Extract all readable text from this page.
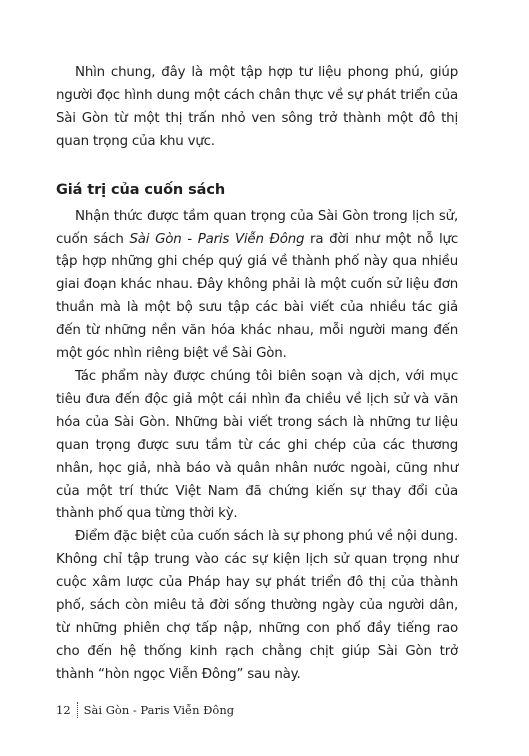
Nhìn chung, đây là một tập hợp tư liệu phong phú, giúp người đọc hình dung một cách chân thực về sự phát triển của Sài Gòn từ một thị trấn nhỏ ven sông trở thành một đô thị quan trọng của khu vực.

Giá trị của cuốn sách

Nhận thức được tầm quan trọng của Sài Gòn trong lịch sử, cuốn sách Sài Gòn - Paris Viễn Đông ra đời như một nỗ lực tập hợp những ghi chép quý giá về thành phố này qua nhiều giai đoạn khác nhau. Đây không phải là một cuốn sử liệu đơn thuần mà là một bộ sưu tập các bài viết của nhiều tác giả đến từ những nền văn hóa khác nhau, mỗi người mang đến một góc nhìn riêng biệt về Sài Gòn.

Tác phẩm này được chúng tôi biên soạn và dịch, với mục tiêu đưa đến độc giả một cái nhìn đa chiều về lịch sử và văn hóa của Sài Gòn. Những bài viết trong sách là những tư liệu quan trọng được sưu tầm từ các ghi chép của các thương nhân, học giả, nhà báo và quân nhân nước ngoài, cũng như của một trí thức Việt Nam đã chứng kiến sự thay đổi của thành phố qua từng thời kỳ.

Điểm đặc biệt của cuốn sách là sự phong phú về nội dung. Không chỉ tập trung vào các sự kiện lịch sử quan trọng như cuộc xâm lược của Pháp hay sự phát triển đô thị của thành phố, sách còn miêu tả đời sống thường ngày của người dân, từ những phiên chợ tấp nập, những con phố đầy tiếng rao cho đến hệ thống kinh rạch chằng chịt giúp Sài Gòn trở thành “hòn ngọc Viễn Đông” sau này.

12 Sài Gòn - Paris Viễn Đông
